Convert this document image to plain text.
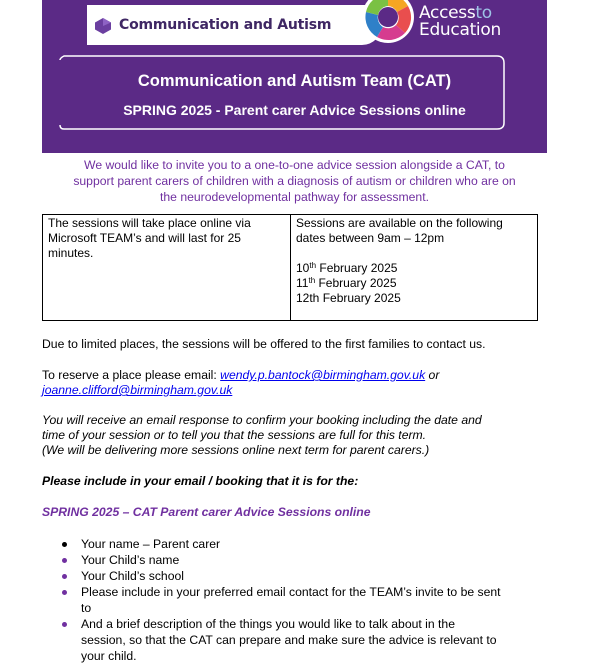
Communication and Autism
Accessto
Education
Communication and Autism Team (CAT)
SPRING 2025 - Parent carer Advice Sessions online
We would like to invite you to a one-to-one advice session alongside a CAT, to
support parent carers of children with a diagnosis of autism or children who are on
the neurodevelopmental pathway for assessment.
The sessions will take place online via
Microsoft TEAM’s and will last for 25
minutes.
Sessions are available on the following
dates between 9am – 12pm
10th February 2025
11th February 2025
12th February 2025
Due to limited places, the sessions will be offered to the first families to contact us.
To reserve a place please email: wendy.p.bantock@birmingham.gov.uk or
joanne.clifford@birmingham.gov.uk
You will receive an email response to confirm your booking including the date and
time of your session or to tell you that the sessions are full for this term.
(We will be delivering more sessions online next term for parent carers.)
Please include in your email / booking that it is for the:
SPRING 2025 – CAT Parent carer Advice Sessions online
Your name – Parent carer
Your Child’s name
Your Child’s school
Please include in your preferred email contact for the TEAM’s invite to be sent
to
And a brief description of the things you would like to talk about in the
session, so that the CAT can prepare and make sure the advice is relevant to
your child.
